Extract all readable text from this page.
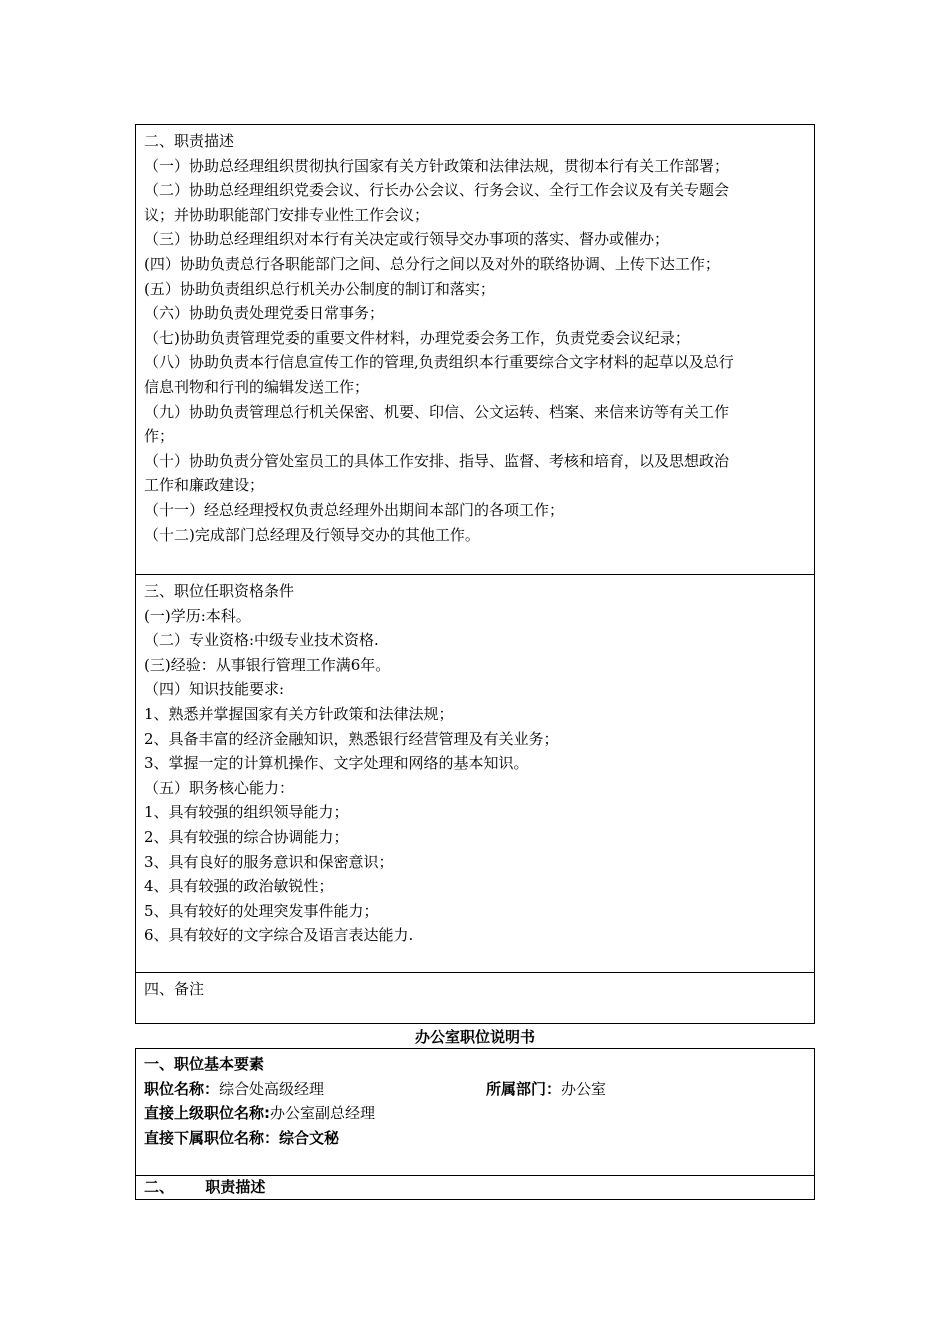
二、职责描述
（一）协助总经理组织贯彻执行国家有关方针政策和法律法规，贯彻本行有关工作部署；
（二）协助总经理组织党委会议、行长办公会议、行务会议、全行工作会议及有关专题会
议；并协助职能部门安排专业性工作会议；
（三）协助总经理组织对本行有关决定或行领导交办事项的落实、督办或催办；
(四）协助负责总行各职能部门之间、总分行之间以及对外的联络协调、上传下达工作；
(五）协助负责组织总行机关办公制度的制订和落实；
（六）协助负责处理党委日常事务；
（七)协助负责管理党委的重要文件材料，办理党委会务工作，负责党委会议纪录；
（八）协助负责本行信息宣传工作的管理,负责组织本行重要综合文字材料的起草以及总行
信息刊物和行刊的编辑发送工作；
（九）协助负责管理总行机关保密、机要、印信、公文运转、档案、来信来访等有关工作
作；
（十）协助负责分管处室员工的具体工作安排、指导、监督、考核和培育，以及思想政治
工作和廉政建设；
（十一）经总经理授权负责总经理外出期间本部门的各项工作；
（十二)完成部门总经理及行领导交办的其他工作。
三、职位任职资格条件
(一)学历:本科。
（二）专业资格:中级专业技术资格.
(三)经验：从事银行管理工作满6年。
（四）知识技能要求:
1、熟悉并掌握国家有关方针政策和法律法规；
2、具备丰富的经济金融知识，熟悉银行经营管理及有关业务；
3、掌握一定的计算机操作、文字处理和网络的基本知识。
（五）职务核心能力：
1、具有较强的组织领导能力；
2、具有较强的综合协调能力；
3、具有良好的服务意识和保密意识；
4、具有较强的政治敏锐性；
5、具有较好的处理突发事件能力；
6、具有较好的文字综合及语言表达能力.
四、备注
办公室职位说明书
一、职位基本要素
职位名称：综合处高级经理	所属部门：办公室
直接上级职位名称:办公室副总经理
直接下属职位名称：综合文秘
二、      职责描述
